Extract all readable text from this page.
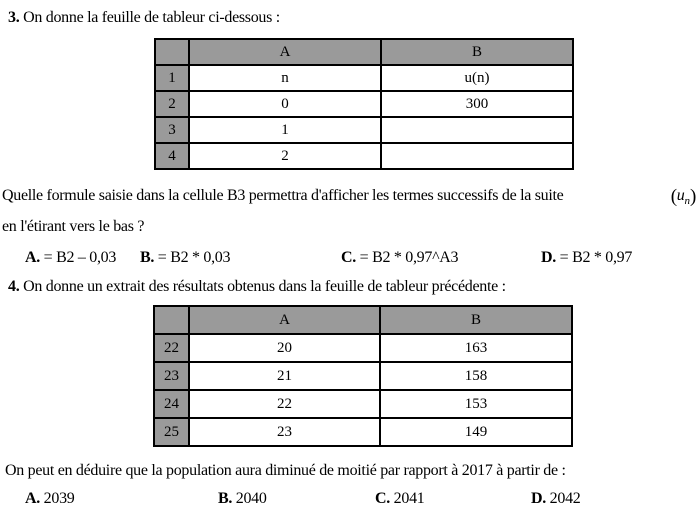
3. On donne la feuille de tableur ci-dessous :

	A	B
1	n	u(n)
2	0	300
3	1	
4	2	
Quelle formule saisie dans la cellule B3 permettra d'afficher les termes successifs de la suite	$(u_n)$
en l'étirant vers le bas ?
A. = B2 – 0,03 B. = B2 * 0,03	C. = B2 * 0,97^A3	D. = B2 * 0,97

4. On donne un extrait des résultats obtenus dans la feuille de tableur précédente :

	A	B
22	20	163
23	21	158
24	22	153
25	23	149
On peut en déduire que la population aura diminué de moitié par rapport à 2017 à partir de :
A. 2039	B. 2040	C. 2041	D. 2042
